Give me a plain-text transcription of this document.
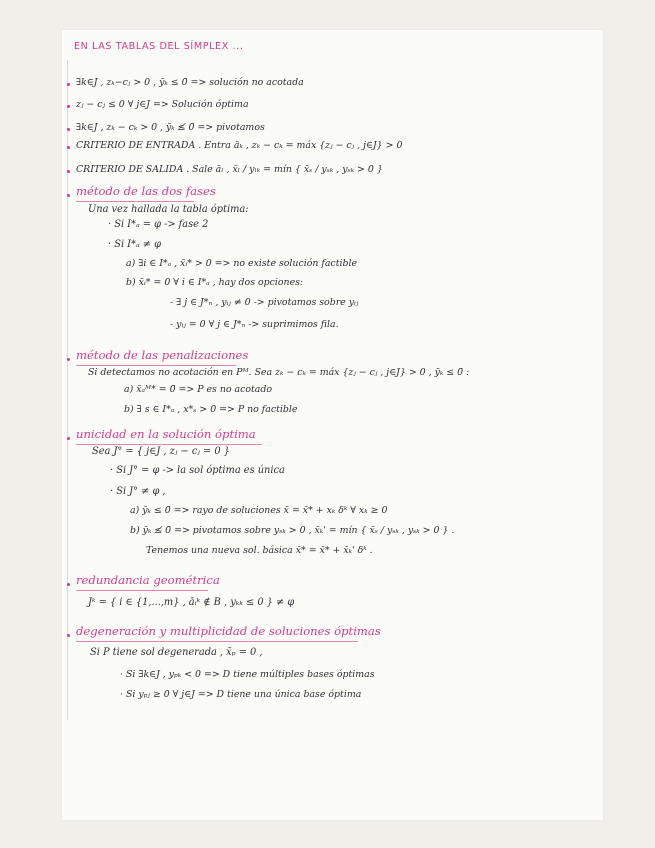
EN LAS TABLAS DEL SÍMPLEX ...
∃k∈J , zₖ−cⱼ > 0 , ȳₖ ≤ 0̄ => solución no acotada
zⱼ − cⱼ ≤ 0 ∀ j∈J => Solución óptima
∃k∈J , zₖ − cₖ > 0 , ȳₖ ≰ 0̄ => pivotamos
CRITERIO DE ENTRADA . Entra āₖ , zₖ − cₖ = máx {zⱼ − cⱼ , j∈J} > 0
CRITERIO DE SALIDA . Sale āₗ , x̄ₗ / yₗₖ = mín { x̄ₛ / yₛₖ , yₛₖ > 0 }
método de las dos fases
Una vez hallada la tabla óptima:
· Si I*ₐ = φ -> fase 2
· Si I*ₐ ≠ φ
a) ∃i ∈ I*ₐ , x̄ᵢ* > 0 => no existe solución factible
b) x̄ᵢ* = 0 ∀ i ∈ I*ₐ , hay dos opciones:
- ∃ j ∈ J*ₙ , yᵢⱼ ≠ 0 -> pivotamos sobre yᵢⱼ
- yᵢⱼ = 0 ∀ j ∈ J*ₙ -> suprimimos fila.
método de las penalizaciones
Si detectamos no acotación en Pᴹ. Sea zₖ − cₖ = máx {zⱼ − cⱼ , j∈J} > 0 , ȳₖ ≤ 0̄ :
a) x̄ₐᴹ* = 0̄ => P es no acotado
b) ∃ s ∈ I*ₐ , x*ₛ > 0 => P no factible
unicidad en la solución óptima
Sea J° = { j∈J , zⱼ − cⱼ = 0 }
· Si J° = φ -> la sol óptima es única
· Si J° ≠ φ ,
a) ȳₖ ≤ 0̄ => rayo de soluciones x̄ = x̄* + xₖ δᵏ ∀ xₖ ≥ 0
b) ȳₖ ≰ 0̄ => pivotamos sobre yₛₖ > 0 , x̄ₖ' = mín { x̄ₛ / yₛₖ , yₛₖ > 0 } .
Tenemos una nueva sol. básica x̄* = x̄* + x̄ₖ' δᵏ .
redundancia geométrica
Jᵏ = { i ∈ {1,...,m} , āᵢᵏ ∉ B , yₖₖ ≤ 0 } ≠ φ
degeneración y multiplicidad de soluciones óptimas
Si P tiene sol degenerada , x̄ₚ = 0 ,
· Si ∃k∈J , yₚₖ < 0 => D tiene múltiples bases óptimas
· Si yₚⱼ ≥ 0 ∀ j∈J => D tiene una única base óptima
